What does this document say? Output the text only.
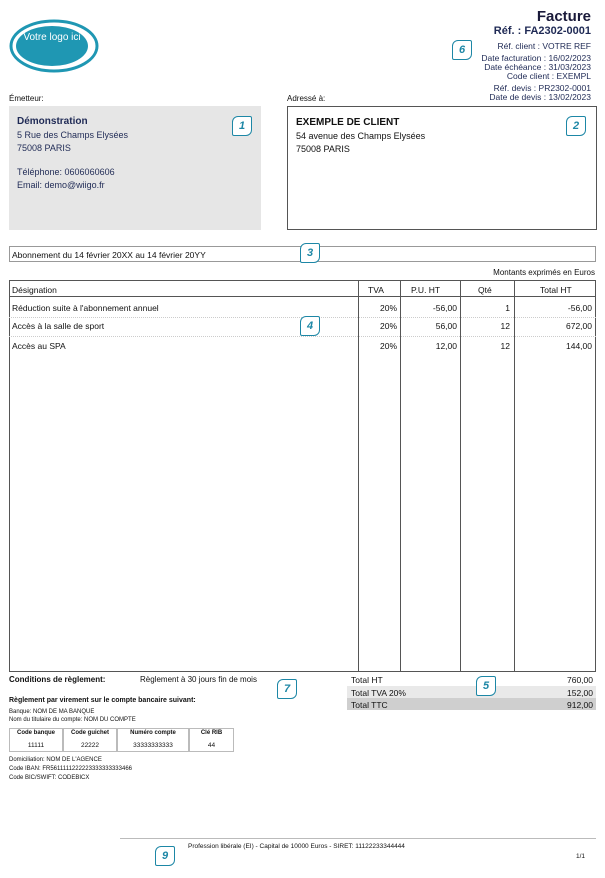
Votre logo ici
Facture
Réf. : FA2302-0001
Réf. client : VOTRE REF
Date facturation : 16/02/2023
Date échéance : 31/03/2023
Code client : EXEMPL
Réf. devis : PR2302-0001
Date de devis : 13/02/2023
Émetteur:	Adressé à:
Démonstration
5 Rue des Champs Elysées
75008 PARIS
Téléphone: 0606060606
Email: demo@wiigo.fr
EXEMPLE DE CLIENT
54 avenue des Champs Elysées
75008 PARIS
Abonnement du 14 février 20XX au 14 février 20YY
Montants exprimés en Euros
Désignation	TVA	P.U. HT	Qté	Total HT
Réduction suite à l'abonnement annuel	20%	-56,00	1	-56,00
Accès à la salle de sport	20%	56,00	12	672,00
Accès au SPA	20%	12,00	12	144,00
Total HT	760,00
Total TVA 20%	152,00
Total TTC	912,00
Conditions de règlement:	Règlement à 30 jours fin de mois
Règlement par virement sur le compte bancaire suivant:
Banque: NOM DE MA BANQUE
Nom du titulaire du compte: NOM DU COMPTE
Code banque	Code guichet	Numéro compte	Clé RIB
11111	22222	33333333333	44
Domiciliation: NOM DE L'AGENCE
Code IBAN: FR5611111222223333333333466
Code BIC/SWIFT: CODEBICX
Profession libérale (EI) - Capital de 10000 Euros - SIRET: 11122233344444
1/1
1	2
3
4
5
6
7
9
